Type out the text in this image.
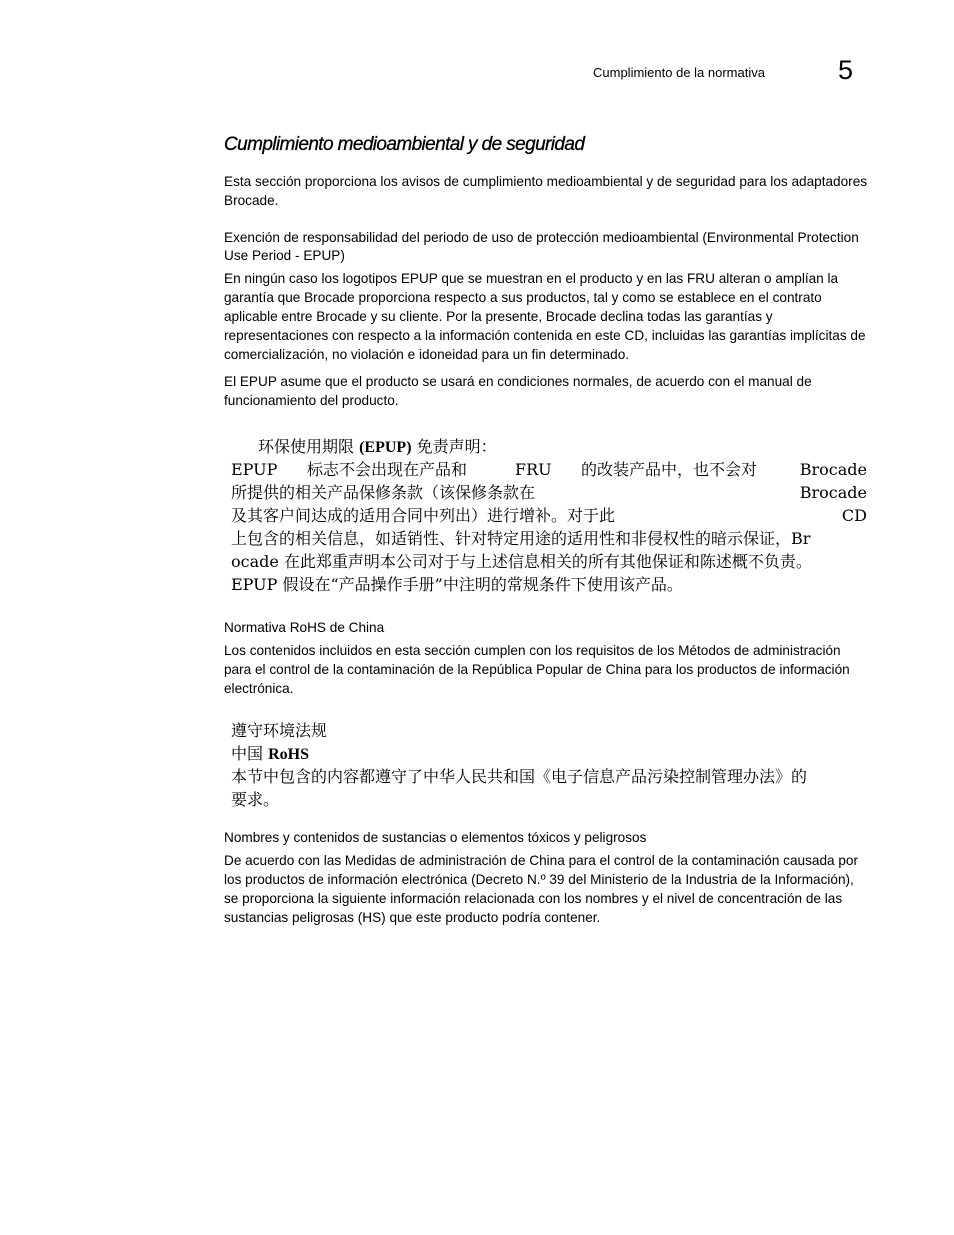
Cumplimiento de la normativa	5
Cumplimiento medioambiental y de seguridad

Esta sección proporciona los avisos de cumplimiento medioambiental y de seguridad para los adaptadores Brocade.

Exención de responsabilidad del periodo de uso de protección medioambiental (Environmental Protection Use Period - EPUP)

En ningún caso los logotipos EPUP que se muestran en el producto y en las FRU alteran o amplían la garantía que Brocade proporciona respecto a sus productos, tal y como se establece en el contrato aplicable entre Brocade y su cliente. Por la presente, Brocade declina todas las garantías y representaciones con respecto a la información contenida en este CD, incluidas las garantías implícitas de comercialización, no violación e idoneidad para un fin determinado.

El EPUP asume que el producto se usará en condiciones normales, de acuerdo con el manual de funcionamiento del producto.

环保使用期限 (EPUP) 免责声明：
EPUP 标志不会出现在产品和	FRU 的改装产品中，也不会对	Brocade
所提供的相关产品保修条款（该保修条款在	Brocade
及其客户间达成的适用合同中列出）进行增补。对于此	CD
上包含的相关信息，如适销性、针对特定用途的适用性和非侵权性的暗示保证，Br
ocade 在此郑重声明本公司对于与上述信息相关的所有其他保证和陈述概不负责。
EPUP 假设在“产品操作手册”中注明的常规条件下使用该产品。

Normativa RoHS de China

Los contenidos incluidos en esta sección cumplen con los requisitos de los Métodos de administración para el control de la contaminación de la República Popular de China para los productos de información electrónica.

遵守环境法规
中国 RoHS
本节中包含的内容都遵守了中华人民共和国《电子信息产品污染控制管理办法》的
要求。

Nombres y contenidos de sustancias o elementos tóxicos y peligrosos

De acuerdo con las Medidas de administración de China para el control de la contaminación causada por los productos de información electrónica (Decreto N.º 39 del Ministerio de la Industria de la Información), se proporciona la siguiente información relacionada con los nombres y el nivel de concentración de las sustancias peligrosas (HS) que este producto podría contener.
